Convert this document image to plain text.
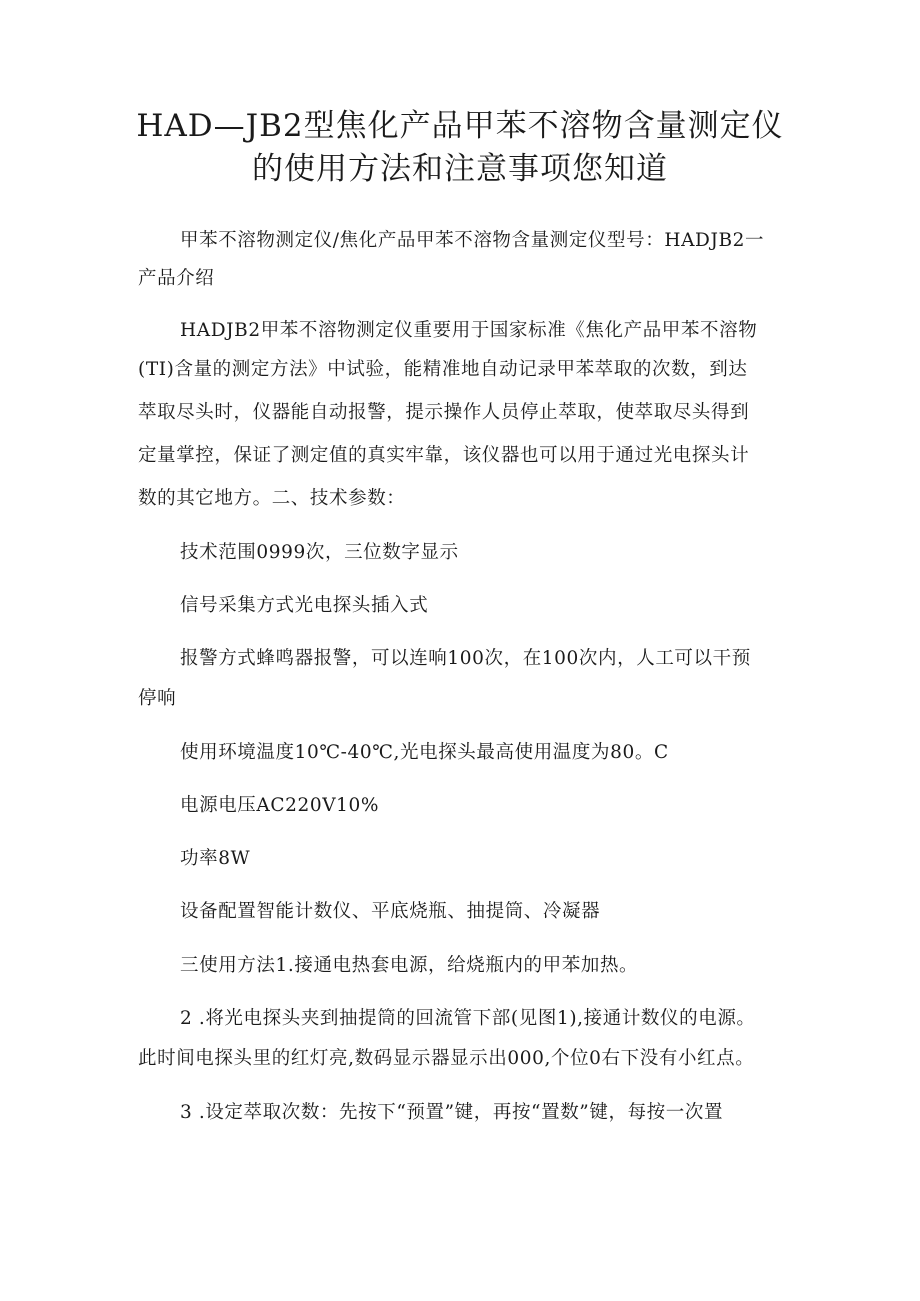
HAD—JB2型焦化产品甲苯不溶物含量测定仪
的使用方法和注意事项您知道
甲苯不溶物测定仪/焦化产品甲苯不溶物含量测定仪型号：HADJB2一
产品介绍
HADJB2甲苯不溶物测定仪重要用于国家标准《焦化产品甲苯不溶物
(TI)含量的测定方法》中试验，能精准地自动记录甲苯萃取的次数，到达
萃取尽头时，仪器能自动报警，提示操作人员停止萃取，使萃取尽头得到
定量掌控，保证了测定值的真实牢靠，该仪器也可以用于通过光电探头计
数的其它地方。二、技术参数：
技术范围0999次，三位数字显示
信号采集方式光电探头插入式
报警方式蜂鸣器报警，可以连响100次，在100次内，人工可以干预
停响
使用环境温度10℃-40℃,光电探头最高使用温度为80。C
电源电压AC220V10%
功率8W
设备配置智能计数仪、平底烧瓶、抽提筒、冷凝器
三使用方法1.接通电热套电源，给烧瓶内的甲苯加热。
2 .将光电探头夹到抽提筒的回流管下部(见图1),接通计数仪的电源。
此时间电探头里的红灯亮,数码显示器显示出000,个位0右下没有小红点。
3 .设定萃取次数：先按下“预置”键，再按“置数”键，每按一次置
